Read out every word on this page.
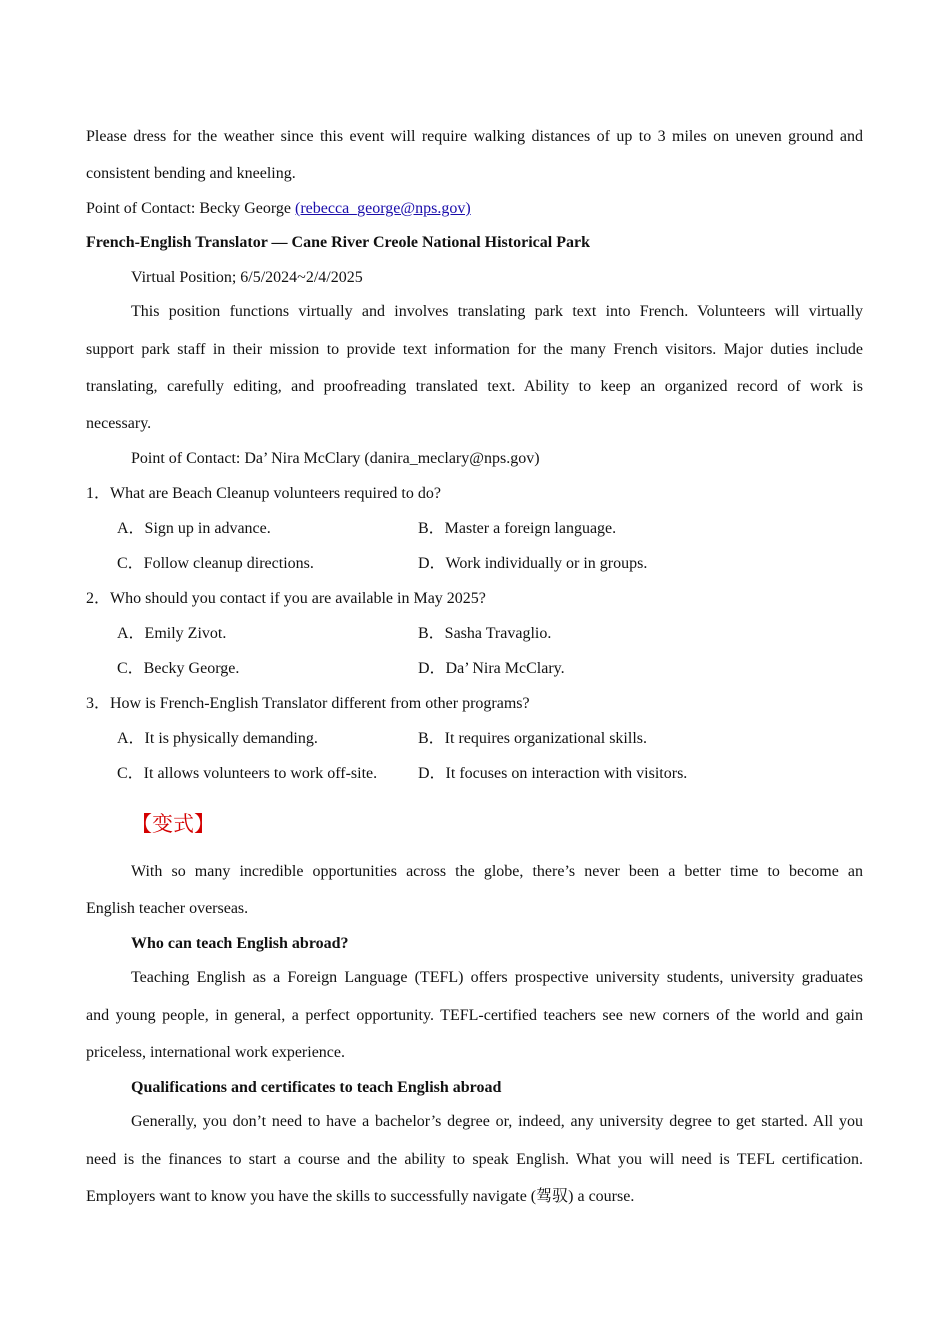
Please dress for the weather since this event will require walking distances of up to 3 miles on uneven ground and
consistent bending and kneeling.
Point of Contact: Becky George (rebecca_george@nps.gov)
French-English Translator — Cane River Creole National Historical Park
Virtual Position; 6/5/2024~2/4/2025
This position functions virtually and involves translating park text into French. Volunteers will virtually
support park staff in their mission to provide text information for the many French visitors. Major duties include
translating, carefully editing, and proofreading translated text. Ability to keep an organized record of work is
necessary.
Point of Contact: Da’ Nira McClary (danira_meclary@nps.gov)
1．What are Beach Cleanup volunteers required to do?
A．Sign up in advance.	B．Master a foreign language.
C．Follow cleanup directions.	D．Work individually or in groups.
2．Who should you contact if you are available in May 2025?
A．Emily Zivot.	B．Sasha Travaglio.
C．Becky George.	D．Da’ Nira McClary.
3．How is French-English Translator different from other programs?
A．It is physically demanding.	B．It requires organizational skills.
C．It allows volunteers to work off-site.	D．It focuses on interaction with visitors.
【变式】
With so many incredible opportunities across the globe, there’s never been a better time to become an
English teacher overseas.
Who can teach English abroad?
Teaching English as a Foreign Language (TEFL) offers prospective university students, university graduates
and young people, in general, a perfect opportunity. TEFL-certified teachers see new corners of the world and gain
priceless, international work experience.
Qualifications and certificates to teach English abroad
Generally, you don’t need to have a bachelor’s degree or, indeed, any university degree to get started. All you
need is the finances to start a course and the ability to speak English. What you will need is TEFL certification.
Employers want to know you have the skills to successfully navigate (驾驭) a course.
